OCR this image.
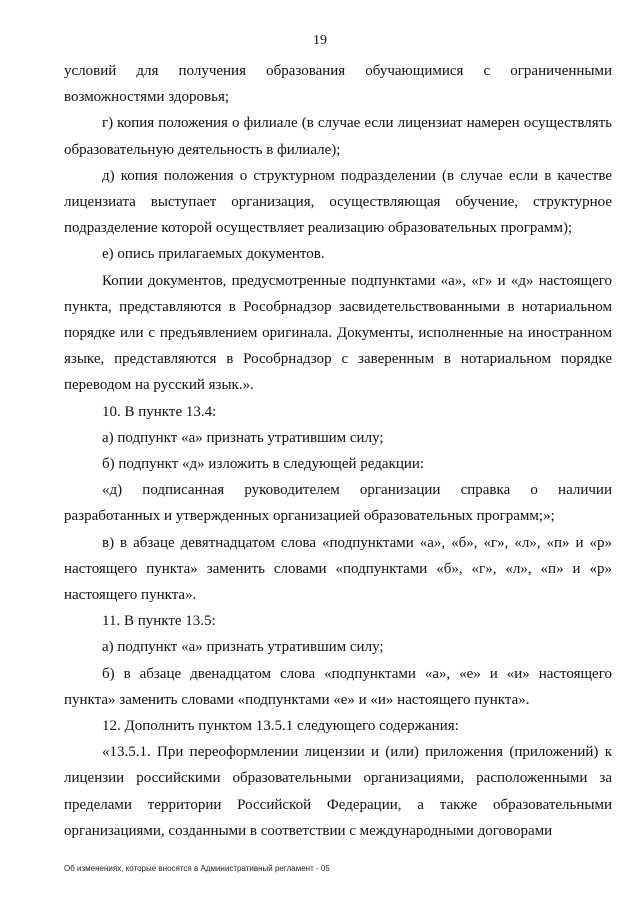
19

условий для получения образования обучающимися с ограниченными возможностями здоровья;

г) копия положения о филиале (в случае если лицензиат намерен осуществлять образовательную деятельность в филиале);

д) копия положения о структурном подразделении (в случае если в качестве лицензиата выступает организация, осуществляющая обучение, структурное подразделение которой осуществляет реализацию образовательных программ);

е) опись прилагаемых документов.

Копии документов, предусмотренные подпунктами «а», «г» и «д» настоящего пункта, представляются в Рособрнадзор засвидетельствованными в нотариальном порядке или с предъявлением оригинала. Документы, исполненные на иностранном языке, представляются в Рособрнадзор с заверенным в нотариальном порядке переводом на русский язык.».

10. В пункте 13.4:

а) подпункт «а» признать утратившим силу;

б) подпункт «д» изложить в следующей редакции:

«д) подписанная руководителем организации справка о наличии разработанных и утвержденных организацией образовательных программ;»;

в) в абзаце девятнадцатом слова «подпунктами «а», «б», «г», «л», «п» и «р» настоящего пункта» заменить словами «подпунктами «б», «г», «л», «п» и «р» настоящего пункта».

11. В пункте 13.5:

а) подпункт «а» признать утратившим силу;

б) в абзаце двенадцатом слова «подпунктами «а», «е» и «и» настоящего пункта» заменить словами «подпунктами «е» и «и» настоящего пункта».

12. Дополнить пунктом 13.5.1 следующего содержания:

«13.5.1. При переоформлении лицензии и (или) приложения (приложений) к лицензии российскими образовательными организациями, расположенными за пределами территории Российской Федерации, а также образовательными организациями, созданными в соответствии с международными договорами

Об изменениях, которые вносятся в Административный регламент - 05
